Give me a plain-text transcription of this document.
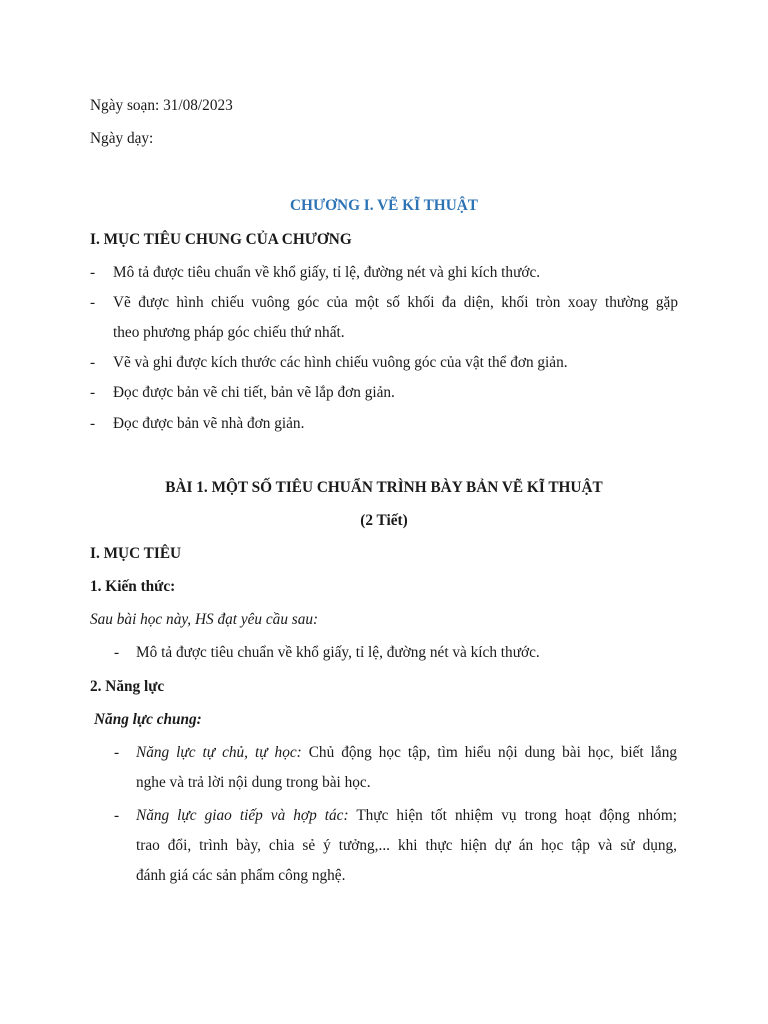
Ngày soạn: 31/08/2023
Ngày dạy:
CHƯƠNG I. VẼ KĨ THUẬT
I. MỤC TIÊU CHUNG CỦA CHƯƠNG
- Mô tả được tiêu chuẩn về khổ giấy, tỉ lệ, đường nét và ghi kích thước.
- Vẽ được hình chiếu vuông góc của một số khối đa diện, khối tròn xoay thường gặp
theo phương pháp góc chiếu thứ nhất.
- Vẽ và ghi được kích thước các hình chiếu vuông góc của vật thể đơn giản.
- Đọc được bản vẽ chi tiết, bản vẽ lắp đơn giản.
- Đọc được bản vẽ nhà đơn giản.
BÀI 1. MỘT SỐ TIÊU CHUẨN TRÌNH BÀY BẢN VẼ KĨ THUẬT
(2 Tiết)
I. MỤC TIÊU
1. Kiến thức:
Sau bài học này, HS đạt yêu cầu sau:
- Mô tả được tiêu chuẩn về khổ giấy, tỉ lệ, đường nét và kích thước.
2. Năng lực
Năng lực chung:
- Năng lực tự chủ, tự học: Chủ động học tập, tìm hiểu nội dung bài học, biết lắng
nghe và trả lời nội dung trong bài học.
- Năng lực giao tiếp và hợp tác: Thực hiện tốt nhiệm vụ trong hoạt động nhóm;
trao đổi, trình bày, chia sẻ ý tưởng,... khi thực hiện dự án học tập và sử dụng,
đánh giá các sản phẩm công nghệ.
